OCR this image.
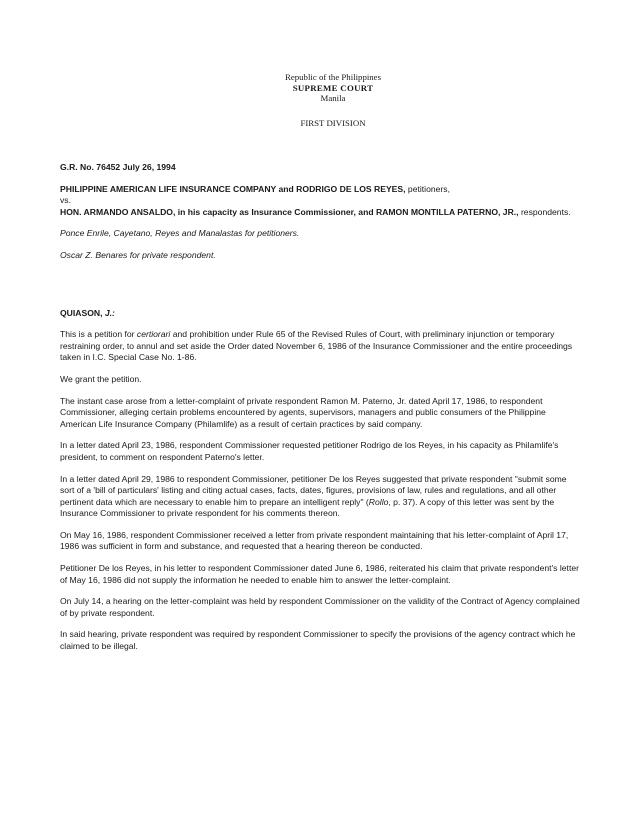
Republic of the Philippines
SUPREME COURT
Manila
FIRST DIVISION
G.R. No. 76452 July 26, 1994
PHILIPPINE AMERICAN LIFE INSURANCE COMPANY and RODRIGO DE LOS REYES, petitioners,
vs.
HON. ARMANDO ANSALDO, in his capacity as Insurance Commissioner, and RAMON MONTILLA PATERNO, JR., respondents.
Ponce Enrile, Cayetano, Reyes and Manalastas for petitioners.
Oscar Z. Benares for private respondent.
QUIASON, J.:

This is a petition for certiorari and prohibition under Rule 65 of the Revised Rules of Court, with preliminary injunction or temporary restraining order, to annul and set aside the Order dated November 6, 1986 of the Insurance Commissioner and the entire proceedings taken in I.C. Special Case No. 1-86.

We grant the petition.

The instant case arose from a letter-complaint of private respondent Ramon M. Paterno, Jr. dated April 17, 1986, to respondent Commissioner, alleging certain problems encountered by agents, supervisors, managers and public consumers of the Philippine American Life Insurance Company (Philamlife) as a result of certain practices by said company.

In a letter dated April 23, 1986, respondent Commissioner requested petitioner Rodrigo de los Reyes, in his capacity as Philamlife's president, to comment on respondent Paterno's letter.

In a letter dated April 29, 1986 to respondent Commissioner, petitioner De los Reyes suggested that private respondent "submit some sort of a 'bill of particulars' listing and citing actual cases, facts, dates, figures, provisions of law, rules and regulations, and all other pertinent data which are necessary to enable him to prepare an intelligent reply" (Rollo, p. 37). A copy of this letter was sent by the Insurance Commissioner to private respondent for his comments thereon.

On May 16, 1986, respondent Commissioner received a letter from private respondent maintaining that his letter-complaint of April 17, 1986 was sufficient in form and substance, and requested that a hearing thereon be conducted.

Petitioner De los Reyes, in his letter to respondent Commissioner dated June 6, 1986, reiterated his claim that private respondent's letter of May 16, 1986 did not supply the information he needed to enable him to answer the letter-complaint.

On July 14, a hearing on the letter-complaint was held by respondent Commissioner on the validity of the Contract of Agency complained of by private respondent.

In said hearing, private respondent was required by respondent Commissioner to specify the provisions of the agency contract which he claimed to be illegal.
